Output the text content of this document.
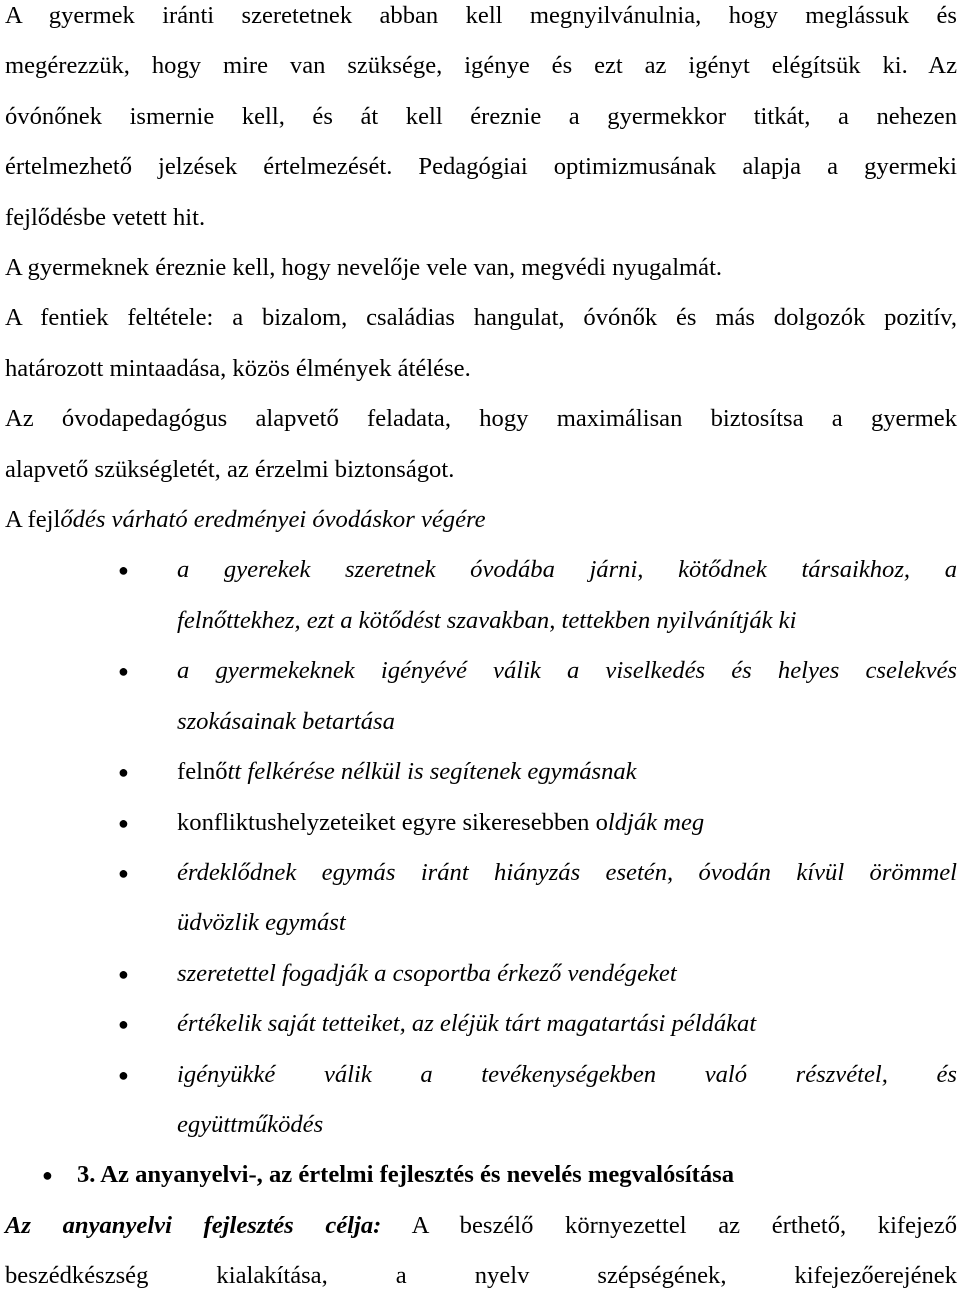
A gyermek iránti szeretetnek abban kell megnyilvánulnia, hogy meglássuk és
megérezzük, hogy mire van szüksége, igénye és ezt az igényt elégítsük ki. Az
óvónőnek ismernie kell, és át kell éreznie a gyermekkor titkát, a nehezen
értelmezhető jelzések értelmezését. Pedagógiai optimizmusának alapja a gyermeki
fejlődésbe vetett hit.

A gyermeknek éreznie kell, hogy nevelője vele van, megvédi nyugalmát.

A fentiek feltétele: a bizalom, családias hangulat, óvónők és más dolgozók pozitív,
határozott mintaadása, közös élmények átélése.

Az óvodapedagógus alapvető feladata, hogy maximálisan biztosítsa a gyermek
alapvető szükségletét, az érzelmi biztonságot.

A fejlődés várható eredményei óvodáskor végére

● a gyerekek szeretnek óvodába járni, kötődnek társaikhoz, a
felnőttekhez, ezt a kötődést szavakban, tettekben nyilvánítják ki
● a gyermekeknek igényévé válik a viselkedés és helyes cselekvés
szokásainak betartása
● felnőtt felkérése nélkül is segítenek egymásnak
● konfliktushelyzeteiket egyre sikeresebben oldják meg
● érdeklődnek egymás iránt hiányzás esetén, óvodán kívül örömmel
üdvözlik egymást
● szeretettel fogadják a csoportba érkező vendégeket
● értékelik saját tetteiket, az eléjük tárt magatartási példákat
● igényükké válik a tevékenységekben való részvétel, és
együttműködés
● 3. Az anyanyelvi-, az értelmi fejlesztés és nevelés megvalósítása

Az anyanyelvi fejlesztés célja: A beszélő környezettel az érthető, kifejező
beszédkészség kialakítása, a nyelv szépségének, kifejezőerejének
